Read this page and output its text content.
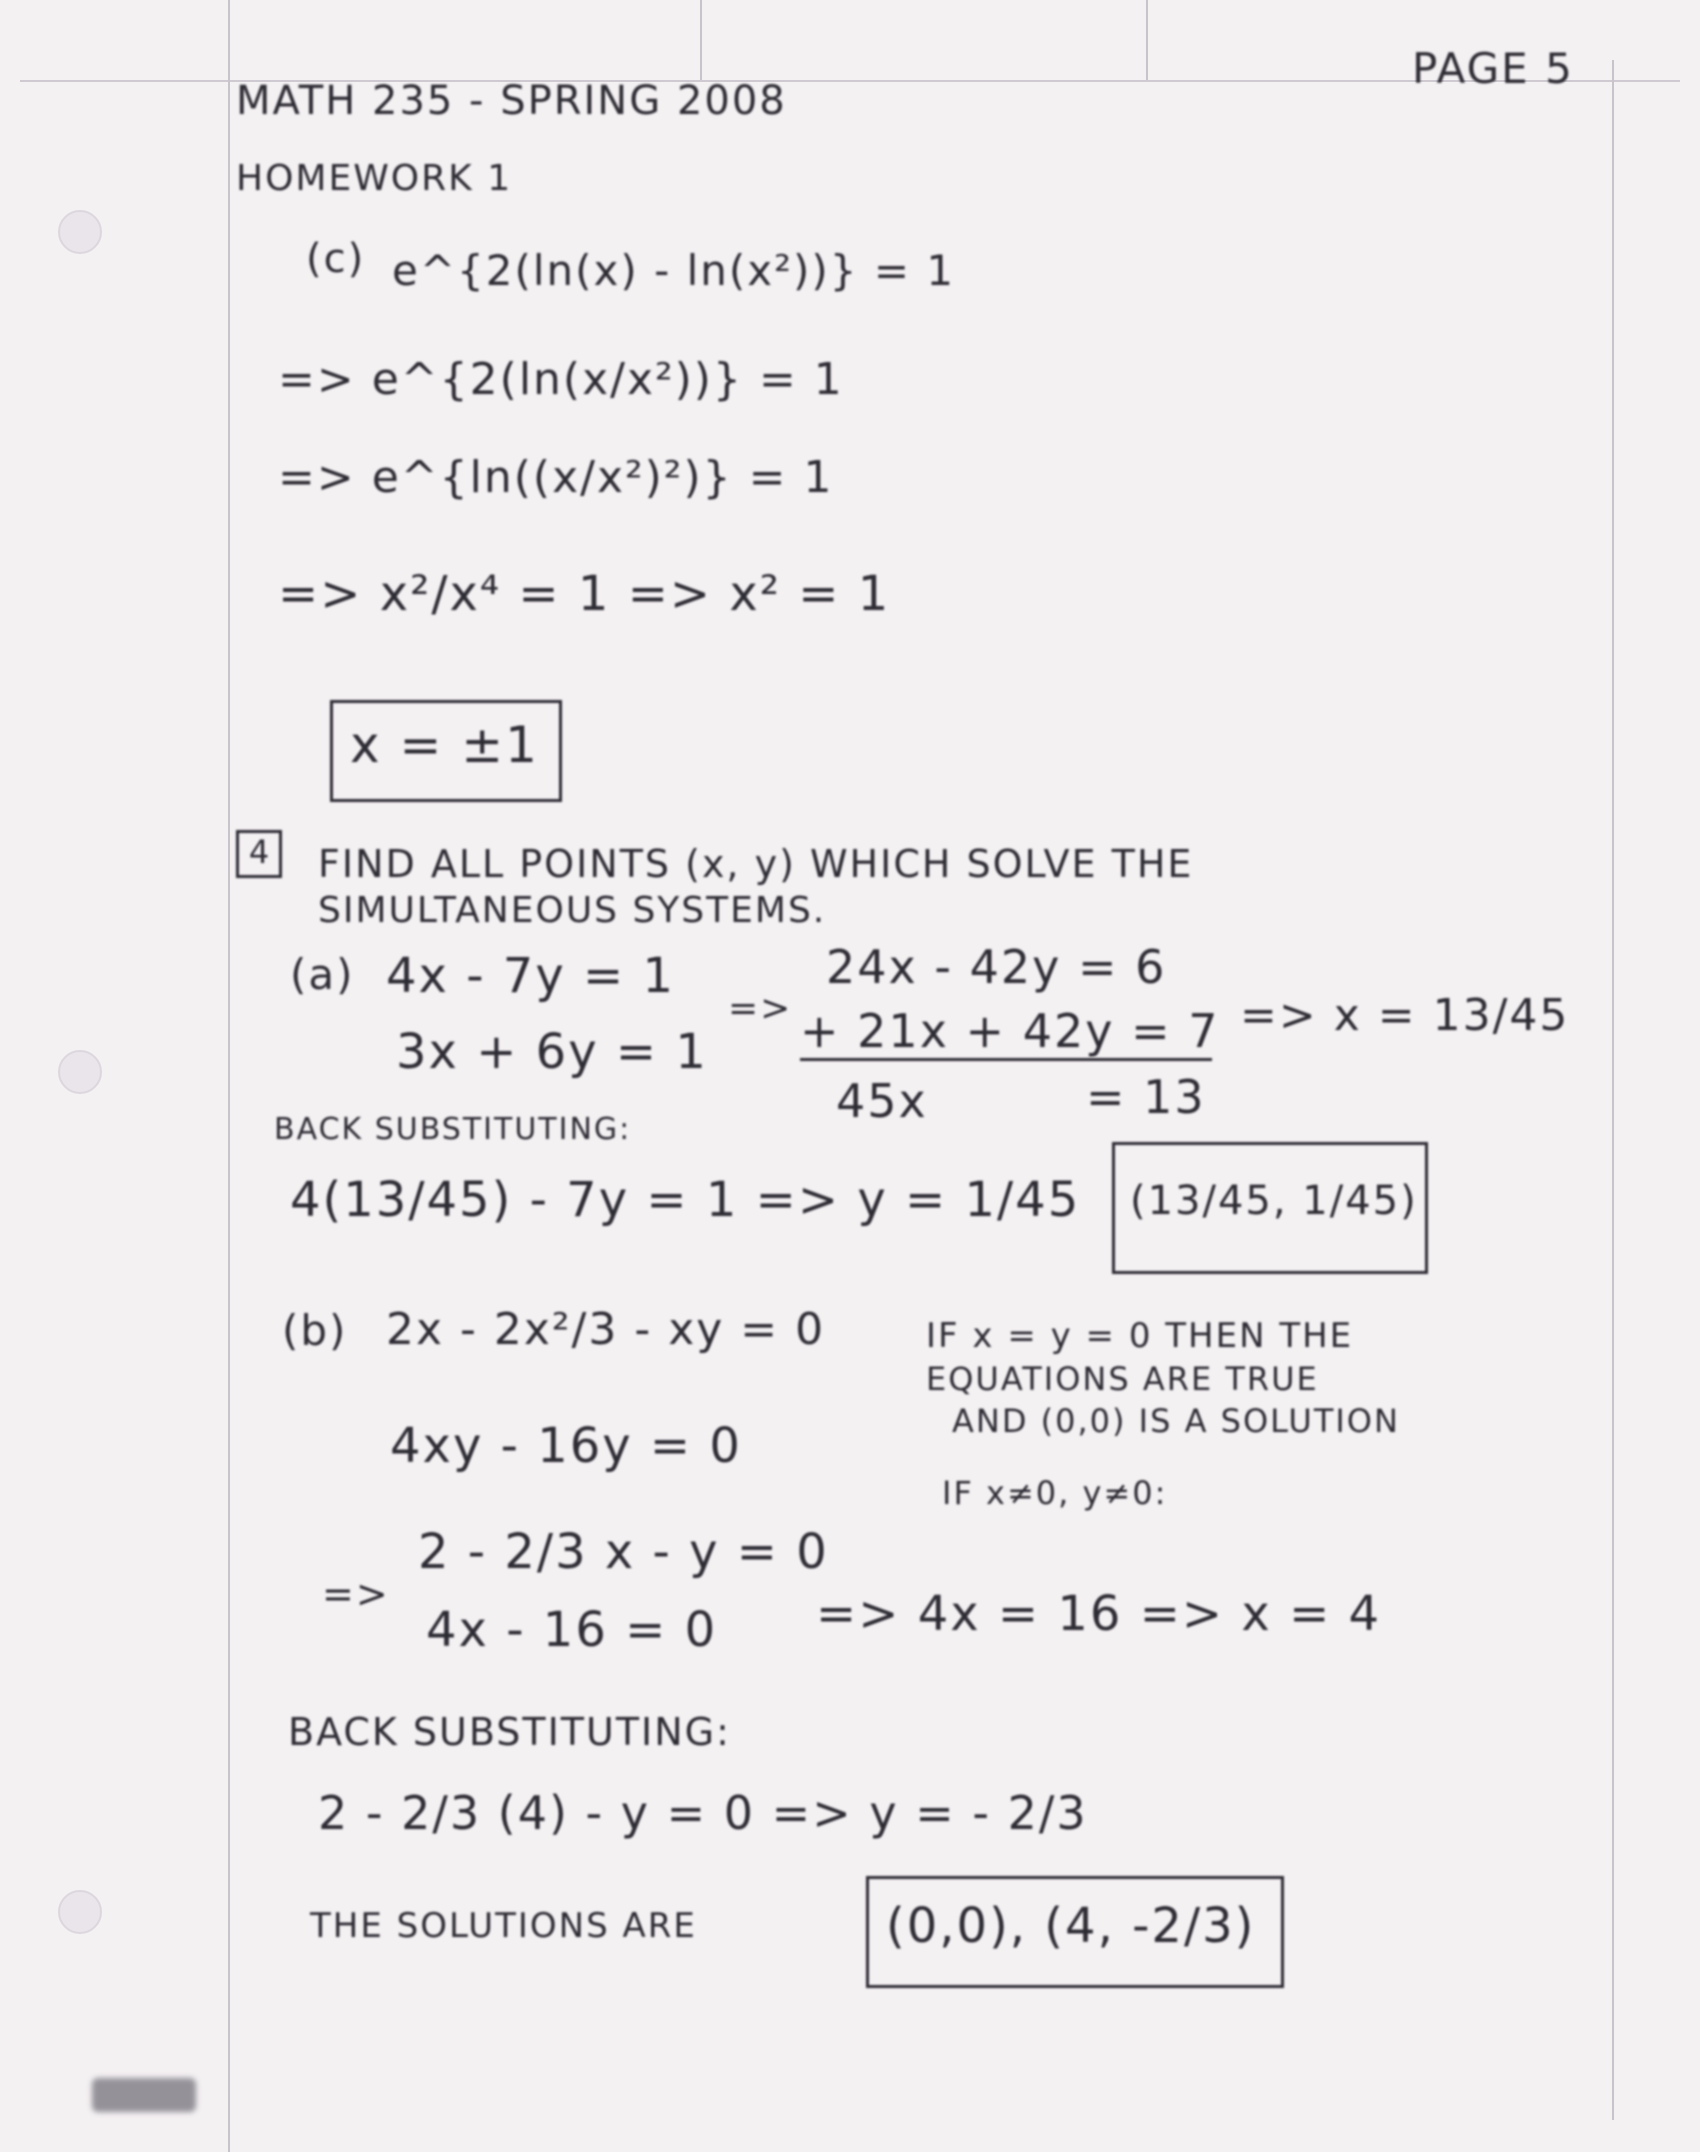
MATH 235 - SPRING 2008
HOMEWORK 1
PAGE 5
(c) e^{2(ln(x) - ln(x²))} = 1
=> e^{2(ln(x/x²))} = 1
=> e^{ln((x/x²)²)} = 1
=> x²/x⁴ = 1 => x² = 1
x = ±1
4 FIND ALL POINTS (x, y) WHICH SOLVE THE
SIMULTANEOUS SYSTEMS.
(a) 4x - 7y = 1
3x + 6y = 1
=>
24x - 42y = 6
+ 21x + 42y = 7
45x	= 13
=> x = 13/45
BACK SUBSTITUTING:
4(13/45) - 7y = 1 => y = 1/45 (13/45, 1/45)
(b) 2x - 2x²/3 - xy = 0
4xy - 16y = 0
IF x = y = 0 THEN THE
EQUATIONS ARE TRUE
AND (0,0) IS A SOLUTION
IF x≠0, y≠0:
=>
2 - 2/3 x - y = 0
4x - 16 = 0 => 4x = 16 => x = 4
BACK SUBSTITUTING:
2 - 2/3 (4) - y = 0 => y = - 2/3
THE SOLUTIONS ARE	(0,0), (4, -2/3)
